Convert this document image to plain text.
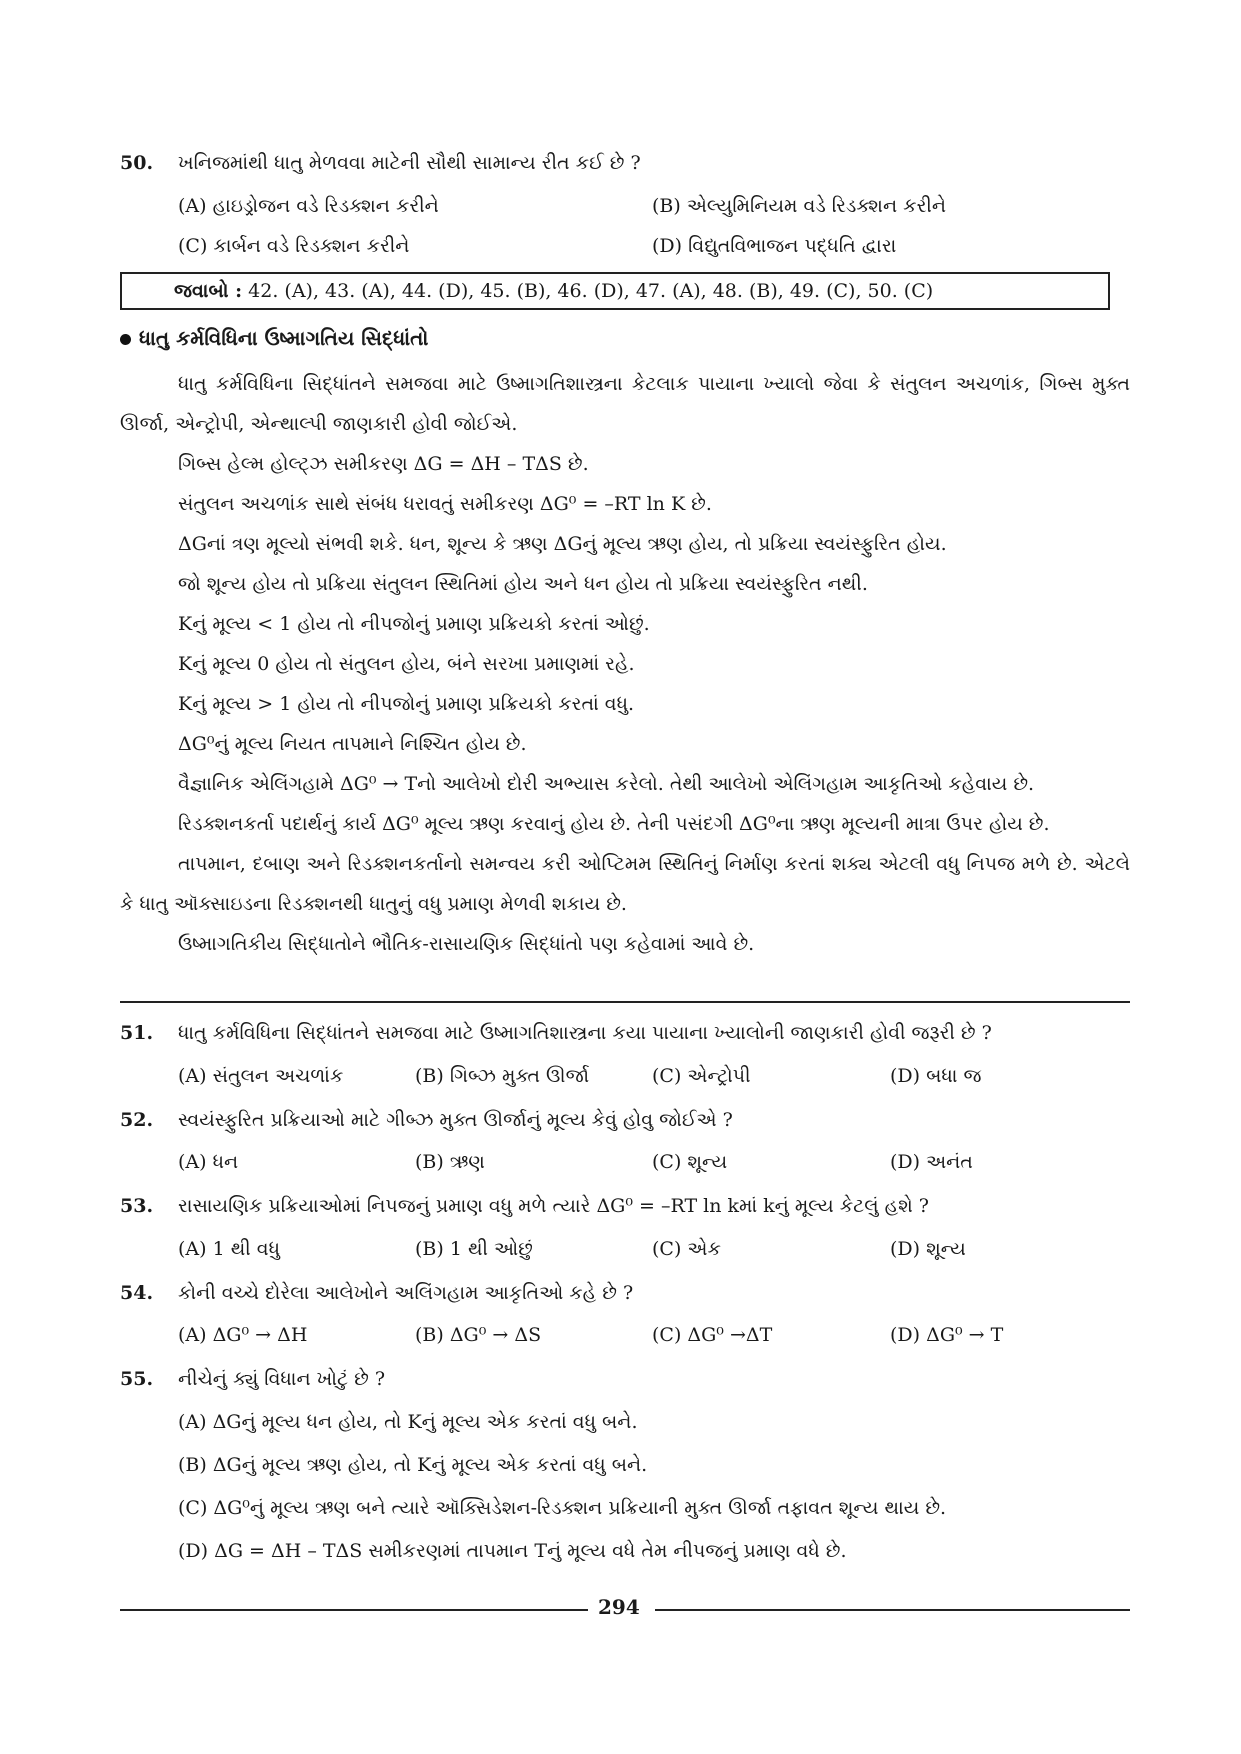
50. ખનિજમાંથી ધાતુ મેળવવા માટેની સૌથી સામાન્ય રીત કઈ છે ?
(A) હાઇડ્રોજન વડે રિડક્શન કરીને	(B) એલ્યુમિનિયમ વડે રિડક્શન કરીને
(C) કાર્બન વડે રિડક્શન કરીને	(D) વિદ્યુતવિભાજન પદ્ધતિ દ્વારા
જવાબો : 42. (A), 43. (A), 44. (D), 45. (B), 46. (D), 47. (A), 48. (B), 49. (C), 50. (C)
ધાતુ કર્મવિધિના ઉષ્માગતિય સિદ્ધાંતો

ધાતુ કર્મવિધિના સિદ્ધાંતને સમજવા માટે ઉષ્માગતિશાસ્ત્રના કેટલાક પાયાના ખ્યાલો જેવા કે સંતુલન અચળાંક, ગિબ્સ મુક્ત ઊર્જા, એન્ટ્રોપી, એન્થાલ્પી જાણકારી હોવી જોઈએ.

ગિબ્સ હેલ્મ હોલ્ટ્ઝ સમીકરણ ΔG = ΔH – TΔS છે.

સંતુલન અચળાંક સાથે સંબંધ ધરાવતું સમીકરણ ΔG⁰ = –RT ln K છે.

ΔGનાં ત્રણ મૂલ્યો સંભવી શકે. ધન, શૂન્ય કે ઋણ ΔGનું મૂલ્ય ઋણ હોય, તો પ્રક્રિયા સ્વયંસ્ફુરિત હોય.

જો શૂન્ય હોય તો પ્રક્રિયા સંતુલન સ્થિતિમાં હોય અને ધન હોય તો પ્રક્રિયા સ્વયંસ્ફુરિત નથી.

Kનું મૂલ્ય < 1 હોય તો નીપજોનું પ્રમાણ પ્રક્રિયકો કરતાં ઓછું.

Kનું મૂલ્ય 0 હોય તો સંતુલન હોય, બંને સરખા પ્રમાણમાં રહે.

Kનું મૂલ્ય > 1 હોય તો નીપજોનું પ્રમાણ પ્રક્રિયકો કરતાં વધુ.

ΔG⁰નું મૂલ્ય નિયત તાપમાને નિશ્ચિત હોય છે.

વૈજ્ઞાનિક એલિંગહામે ΔG⁰ → Tનો આલેખો દોરી અભ્યાસ કરેલો. તેથી આલેખો એલિંગહામ આકૃતિઓ કહેવાય છે.

રિડક્શનકર્તા પદાર્થનું કાર્ય ΔG⁰ મૂલ્ય ઋણ કરવાનું હોય છે. તેની પસંદગી ΔG⁰ના ઋણ મૂલ્યની માત્રા ઉપર હોય છે.

તાપમાન, દબાણ અને રિડક્શનકર્તાનો સમન્વય કરી ઓપ્ટિમમ સ્થિતિનું નિર્માણ કરતાં શક્ય એટલી વધુ નિપજ મળે છે. એટલે કે ધાતુ ઑક્સાઇડના રિડક્શનથી ધાતુનું વધુ પ્રમાણ મેળવી શકાય છે.

ઉષ્માગતિકીય સિદ્ધાતોને ભૌતિક-રાસાયણિક સિદ્ધાંતો પણ કહેવામાં આવે છે.

51. ધાતુ કર્મવિધિના સિદ્ધાંતને સમજવા માટે ઉષ્માગતિશાસ્ત્રના કયા પાયાના ખ્યાલોની જાણકારી હોવી જરૂરી છે ?
(A) સંતુલન અચળાંક	(B) ગિબ્ઝ મુક્ત ઊર્જા	(C) એન્ટ્રોપી	(D) બધા જ
52. સ્વયંસ્ફુરિત પ્રક્રિયાઓ માટે ગીબ્ઝ મુક્ત ઊર્જાનું મૂલ્ય કેવું હોવુ જોઈએ ?
(A) ધન	(B) ઋણ	(C) શૂન્ય	(D) અનંત
53. રાસાયણિક પ્રક્રિયાઓમાં નિપજનું પ્રમાણ વધુ મળે ત્યારે ΔG⁰ = –RT ln kમાં kનું મૂલ્ય કેટલું હશે ?
(A) 1 થી વધુ	(B) 1 થી ઓછું	(C) એક	(D) શૂન્ય
54. કોની વચ્ચે દોરેલા આલેખોને અલિંગહામ આકૃતિઓ કહે છે ?
(A) ΔG⁰ → ΔH	(B) ΔG⁰ → ΔS	(C) ΔG⁰ →ΔT	(D) ΔG⁰ → T
55. નીચેનું ક્યું વિધાન ખોટું છે ?
(A) ΔGનું મૂલ્ય ધન હોય, તો Kનું મૂલ્ય એક કરતાં વધુ બને.
(B) ΔGનું મૂલ્ય ઋણ હોય, તો Kનું મૂલ્ય એક કરતાં વધુ બને.
(C) ΔG⁰નું મૂલ્ય ઋણ બને ત્યારે ઑક્સિડેશન-રિડક્શન પ્રક્રિયાની મુક્ત ઊર્જા તફાવત શૂન્ય થાય છે.
(D) ΔG = ΔH – TΔS સમીકરણમાં તાપમાન Tનું મૂલ્ય વધે તેમ નીપજનું પ્રમાણ વધે છે.
294
